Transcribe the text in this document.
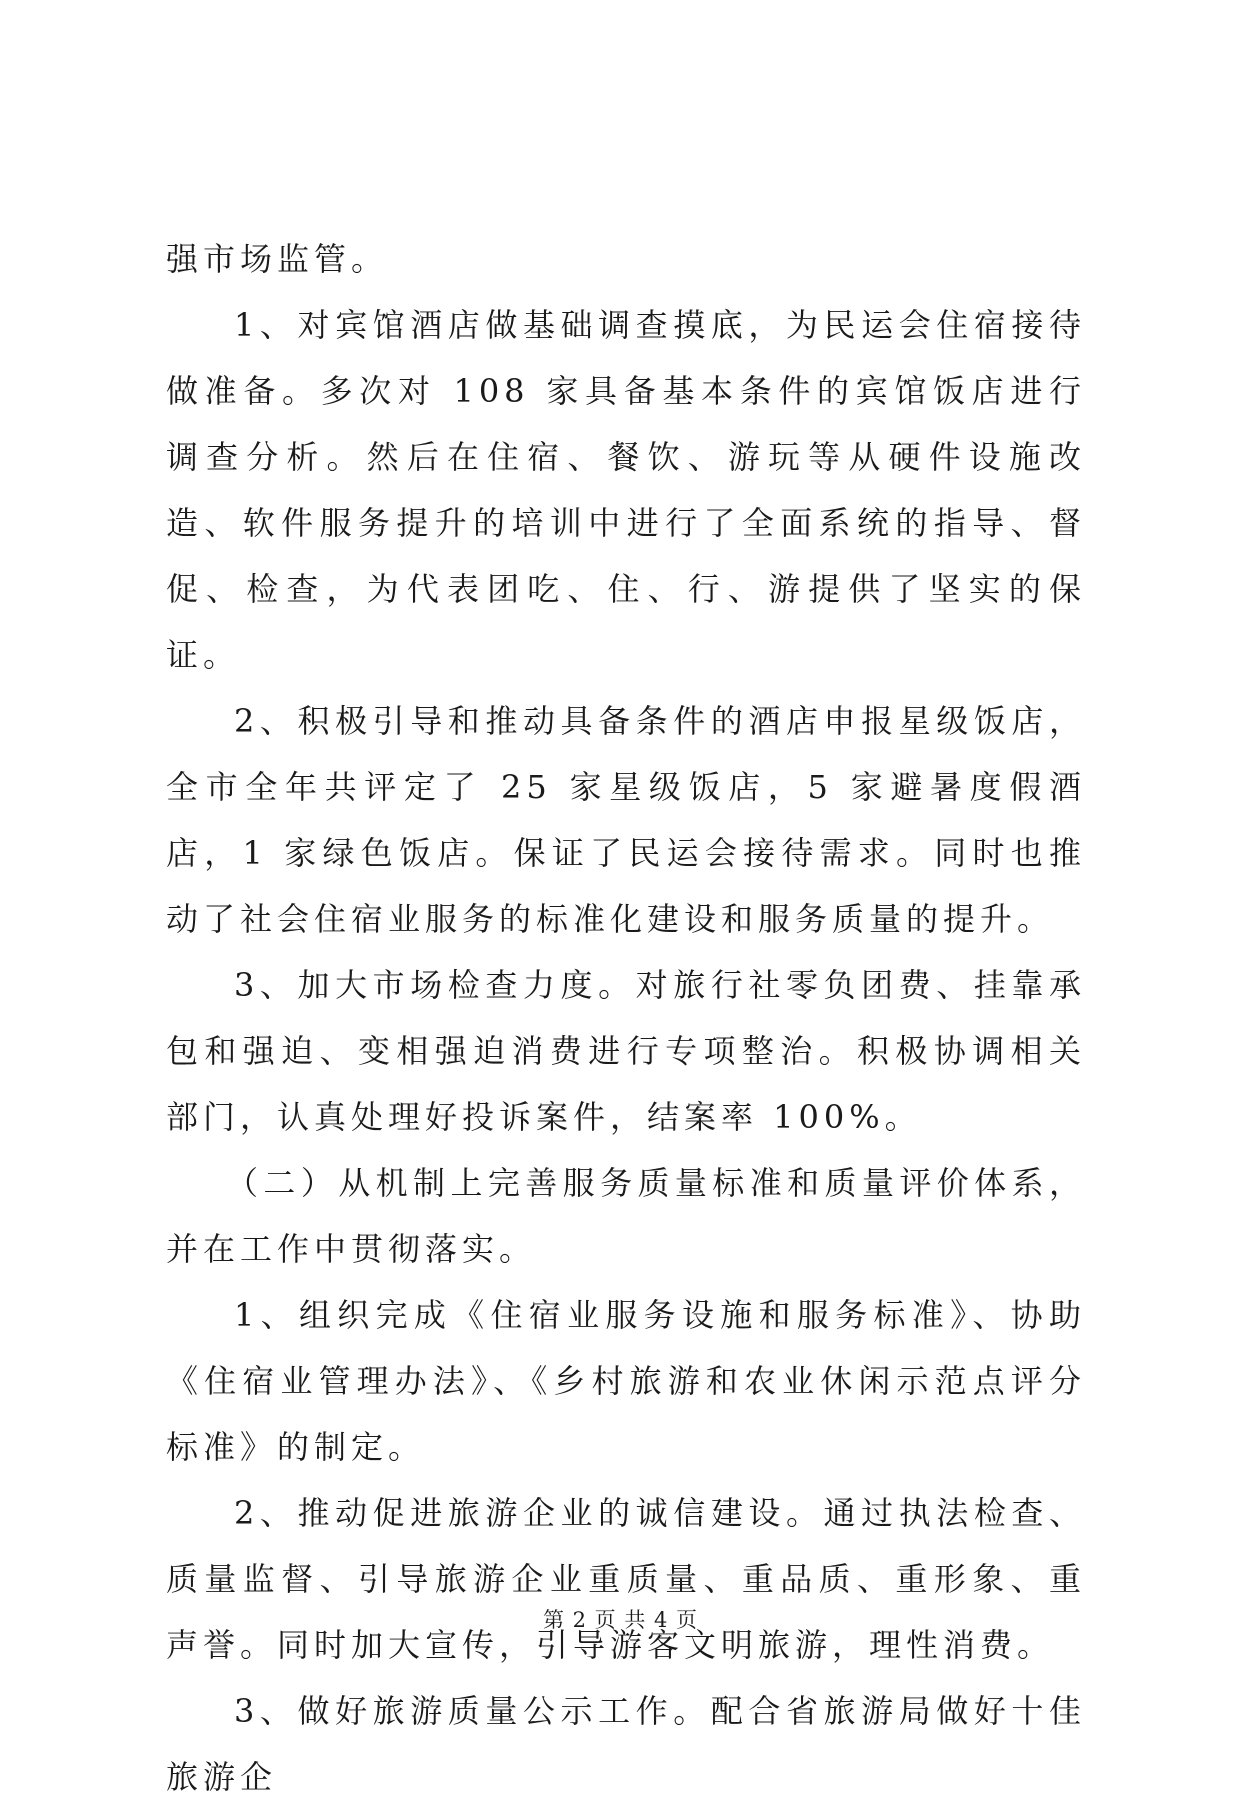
强市场监管。

1、对宾馆酒店做基础调查摸底，为民运会住宿接待做准备。多次对 108 家具备基本条件的宾馆饭店进行调查分析。然后在住宿、餐饮、游玩等从硬件设施改造、软件服务提升的培训中进行了全面系统的指导、督促、检查，为代表团吃、住、行、游提供了坚实的保证。

2、积极引导和推动具备条件的酒店申报星级饭店，全市全年共评定了 25 家星级饭店，5 家避暑度假酒店，1 家绿色饭店。保证了民运会接待需求。同时也推动了社会住宿业服务的标准化建设和服务质量的提升。

3、加大市场检查力度。对旅行社零负团费、挂靠承包和强迫、变相强迫消费进行专项整治。积极协调相关部门，认真处理好投诉案件，结案率 100%。

（二）从机制上完善服务质量标准和质量评价体系，并在工作中贯彻落实。

1、组织完成《住宿业服务设施和服务标准》、协助《住宿业管理办法》、《乡村旅游和农业休闲示范点评分标准》的制定。

2、推动促进旅游企业的诚信建设。通过执法检查、质量监督、引导旅游企业重质量、重品质、重形象、重声誉。同时加大宣传，引导游客文明旅游，理性消费。

3、做好旅游质量公示工作。配合省旅游局做好十佳旅游企

第 2 页 共 4 页
